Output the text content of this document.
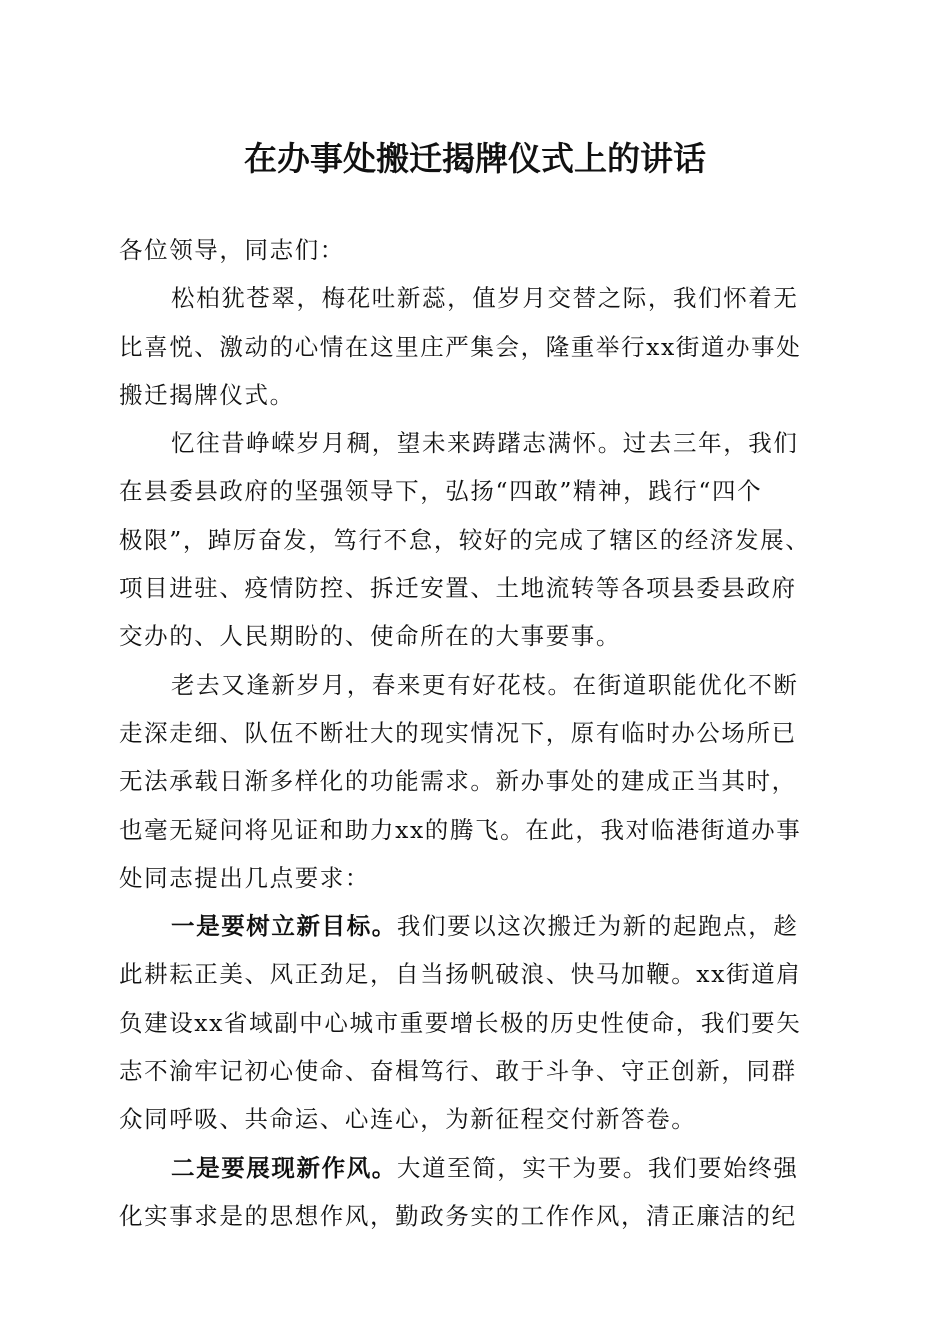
在办事处搬迁揭牌仪式上的讲话
各位领导，同志们：
松柏犹苍翠，梅花吐新蕊，值岁月交替之际，我们怀着无
比喜悦、激动的心情在这里庄严集会，隆重举行xx街道办事处
搬迁揭牌仪式。
忆往昔峥嵘岁月稠，望未来踌躇志满怀。过去三年，我们
在县委县政府的坚强领导下，弘扬“四敢”精神，践行“四个
极限”，踔厉奋发，笃行不怠，较好的完成了辖区的经济发展、
项目进驻、疫情防控、拆迁安置、土地流转等各项县委县政府
交办的、人民期盼的、使命所在的大事要事。
老去又逢新岁月，春来更有好花枝。在街道职能优化不断
走深走细、队伍不断壮大的现实情况下，原有临时办公场所已
无法承载日渐多样化的功能需求。新办事处的建成正当其时，
也毫无疑问将见证和助力xx的腾飞。在此，我对临港街道办事
处同志提出几点要求：
一是要树立新目标。我们要以这次搬迁为新的起跑点，趁
此耕耘正美、风正劲足，自当扬帆破浪、快马加鞭。xx街道肩
负建设xx省域副中心城市重要增长极的历史性使命，我们要矢
志不渝牢记初心使命、奋楫笃行、敢于斗争、守正创新，同群
众同呼吸、共命运、心连心，为新征程交付新答卷。
二是要展现新作风。大道至简，实干为要。我们要始终强
化实事求是的思想作风，勤政务实的工作作风，清正廉洁的纪
